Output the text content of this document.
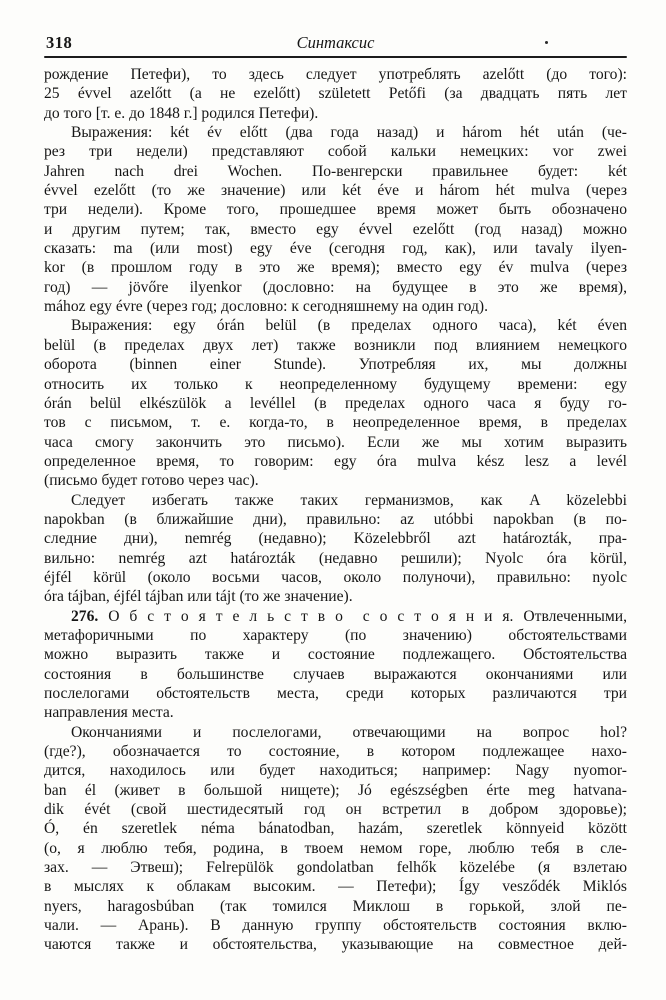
318	Синтаксис
рождение Петефи), то здесь следует употреблять azelőtt (до того):
25 évvel azelőtt (а не ezelőtt) született Petőfi (за двадцать пять лет
до того [т. е. до 1848 г.] родился Петефи).
Выражения: két év előtt (два года назад) и három hét után (че-
рез три недели) представляют собой кальки немецких: vor zwei
Jahren nach drei Wochen. По-венгерски правильнее будет: két
évvel ezelőtt (то же значение) или két éve и három hét mulva (через
три недели). Кроме того, прошедшее время может быть обозначено
и другим путем; так, вместо egy évvel ezelőtt (год назад) можно
сказать: ma (или most) egy éve (сегодня год, как), или tavaly ilyen-
kor (в прошлом году в это же время); вместо egy év mulva (через
год) — jövőre ilyenkor (дословно: на будущее в это же время),
mához egy évre (через год; дословно: к сегодняшнему на один год).
Выражения: egy órán belül (в пределах одного часа), két éven
belül (в пределах двух лет) также возникли под влиянием немецкого
оборота (binnen einer Stunde). Употребляя их, мы должны
относить их только к неопределенному будущему времени: egy
órán belül elkészülök a levéllel (в пределах одного часа я буду го-
тов с письмом, т. е. когда-то, в неопределенное время, в пределах
часа смогу закончить это письмо). Если же мы хотим выразить
определенное время, то говорим: egy óra mulva kész lesz a levél
(письмо будет готово через час).
Следует избегать также таких германизмов, как A közelebbi
napokban (в ближайшие дни), правильно: az utóbbi napokban (в по-
следние дни), nemrég (недавно); Közelebbről azt határozták, пра-
вильно: nemrég azt határozták (недавно решили); Nyolc óra körül,
éjfél körül (около восьми часов, около полуночи), правильно: nyolc
óra tájban, éjfél tájban или tájt (то же значение).
276. О б с т о я т е л ь с т в о  с о с т о я н и я. Отвлеченными,
метафоричными по характеру (по значению) обстоятельствами
можно выразить также и состояние подлежащего. Обстоятельства
состояния в большинстве случаев выражаются окончаниями или
послелогами обстоятельств места, среди которых различаются три
направления места.
Окончаниями и послелогами, отвечающими на вопрос hol?
(где?), обозначается то состояние, в котором подлежащее нахо-
дится, находилось или будет находиться; например: Nagy nyomor-
ban él (живет в большой нищете); Jó egészségben érte meg hatvana-
dik évét (свой шестидесятый год он встретил в добром здоровье);
Ó, én szeretlek néma bánatodban, hazám, szeretlek könnyeid között
(о, я люблю тебя, родина, в твоем немом горе, люблю тебя в сле-
зах. — Этвеш); Felrepülök gondolatban felhők közelébe (я взлетаю
в мыслях к облакам высоким. — Петефи); Így vesződék Miklós
nyers, haragosbúban (так томился Миклош в горькой, злой пе-
чали. — Арань). В данную группу обстоятельств состояния вклю-
чаются также и обстоятельства, указывающие на совместное дей-
